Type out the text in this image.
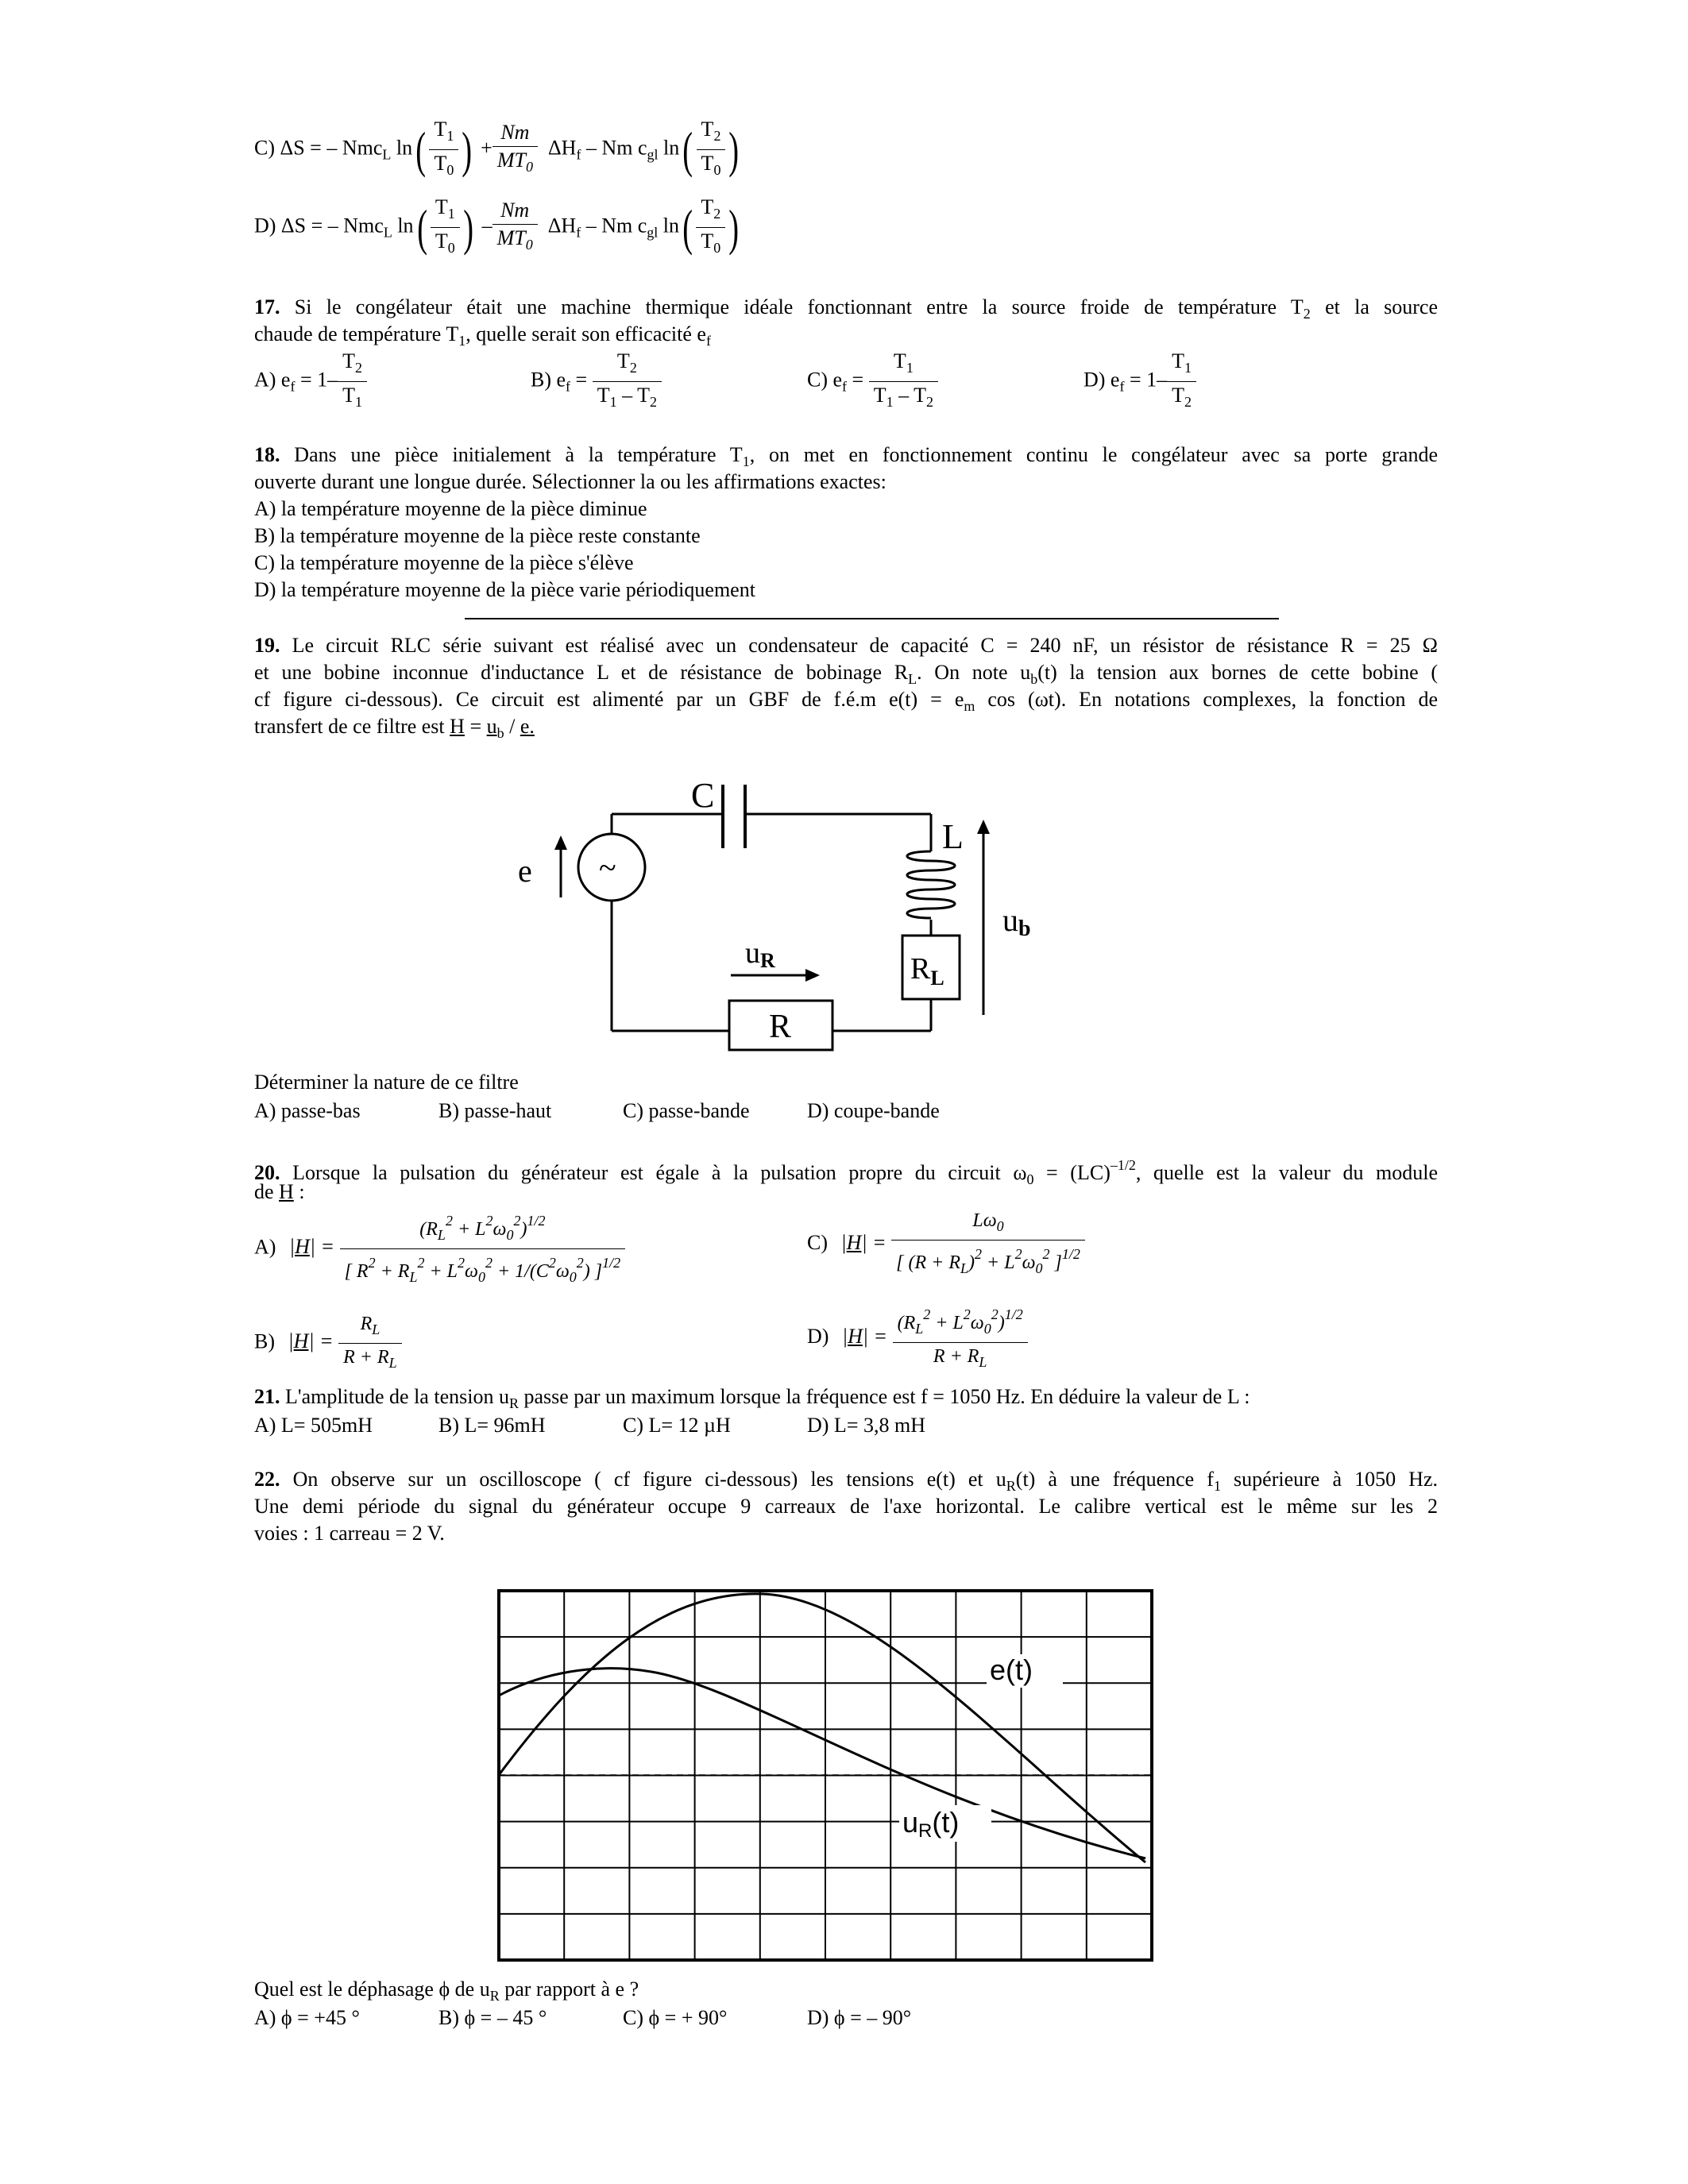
C) ΔS = – Nmc$_L$ $\ln( \frac{T_1}{T_0}$ ) + $\frac{Nm}{MT_0} \Delta H_f$ – Nm $c_{gl}$ $\ln( \frac{T_2}{T_0}$ )
D) ΔS = – Nmc$_L$ $\ln( \frac{T_1}{T_0}$ ) – $\frac{Nm}{MT_0} \Delta H_f$ – Nm $c_{gl}$ $\ln( \frac{T_2}{T_0}$ )
17. Si le congélateur était une machine thermique idéale fonctionnant entre la source froide de température $T_2$ et la source
chaude de température $T_1$, quelle serait son efficacité $e_f$
A) $e_f = 1- \frac{T_2}{T_1}$	B) $e_f = \frac{T_2}{T_1 - T_2}$	C) $e_f = \frac{T_1}{T_1 - T_2}$	D) $e_f = 1- \frac{T_1}{T_2}$
18. Dans une pièce initialement à la température $T_1$, on met en fonctionnement continu le congélateur avec sa porte grande
ouverte durant une longue durée. Sélectionner la ou les affirmations exactes:
A) la température moyenne de la pièce diminue
B) la température moyenne de la pièce reste constante
C) la température moyenne de la pièce s'élève
D) la température moyenne de la pièce varie périodiquement
19. Le circuit RLC série suivant est réalisé avec un condensateur de capacité C = 240 nF, un résistor de résistance R = 25 Ω
et une bobine inconnue d'inductance L et de résistance de bobinage $R_L$. On note $u_b(t)$ la tension aux bornes de cette bobine (
cf figure ci-dessous). Ce circuit est alimenté par un GBF de f.é.m $e(t) = e_m$ cos (ωt). En notations complexes, la fonction de
transfert de ce filtre est $H = u_b / e$.
C
L
e ~
uR
ub
$R_L$
R
Déterminer la nature de ce filtre
A) passe-bas	B) passe-haut	C) passe-bande	D) coupe-bande
20. Lorsque la pulsation du générateur est égale à la pulsation propre du circuit $\omega_0 = (LC)^{-1/2}$, quelle est la valeur du module
de H :
A) $|H| = \frac{(R_L^2 + L^2\omega_0^2)^{1/2}}{[ R^2 + R_L^2 + L^2\omega_0^2 + 1/(C^2\omega_0^2) ]^{1/2}}$	C) $|H| = \frac{L\omega_0}{[ (R + R_L)^2 + L^2\omega_0^2 ]^{1/2}}$
B) $|H| = \frac{R_L}{R + R_L}$	D) $|H| = \frac{(R_L^2 + L^2\omega_0^2)^{1/2}}{R + R_L}$
21. L'amplitude de la tension $u_R$ passe par un maximum lorsque la fréquence est f = 1050 Hz. En déduire la valeur de L :
A) L= 505mH	B) L= 96mH	C) L= 12 µH	D) L= 3,8 mH
22. On observe sur un oscilloscope ( cf figure ci-dessous) les tensions e(t) et $u_R(t)$ à une fréquence $f_1$ supérieure à 1050 Hz.
Une demi période du signal du générateur occupe 9 carreaux de l'axe horizontal. Le calibre vertical est le même sur les 2
voies : 1 carreau = 2 V.
e(t)
uR(t)
Quel est le déphasage ϕ de $u_R$ par rapport à e ?
A) ϕ = +45 °	B) ϕ = – 45 °	C) ϕ = + 90°	D) ϕ = – 90°
